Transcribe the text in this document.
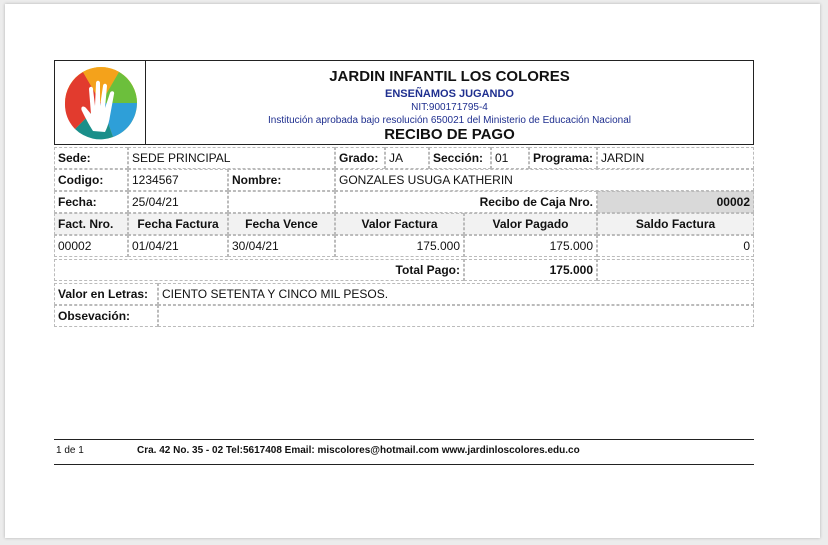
JARDIN INFANTIL LOS COLORES
ENSEÑAMOS JUGANDO
NIT:900171795-4
Institución aprobada bajo resolución 650021 del Ministerio de Educación Nacional
RECIBO DE PAGO
Sede:	SEDE PRINCIPAL	Grado: JA	Sección: 01	Programa: JARDIN
Codigo:	1234567	Nombre:	GONZALES USUGA KATHERIN
Fecha:	25/04/21	Recibo de Caja Nro.	00002
Fact. Nro.	Fecha Factura	Fecha Vence	Valor Factura	Valor Pagado	Saldo Factura
00002	01/04/21	30/04/21	175.000	175.000	0
Total Pago:	175.000
Valor en Letras:	CIENTO SETENTA Y CINCO MIL PESOS.
Obsevación:
1 de 1	Cra. 42 No. 35 - 02 Tel:5617408 Email: miscolores@hotmail.com www.jardinloscolores.edu.co
